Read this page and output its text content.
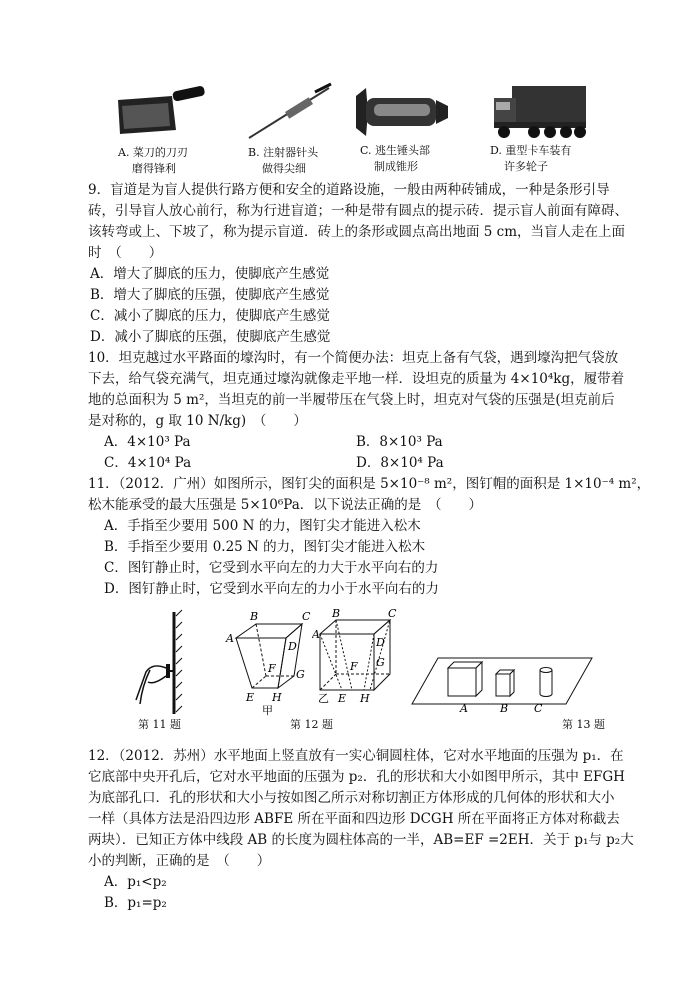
A. 菜刀的刀刃
磨得锋利
B. 注射器针头
做得尖细
C. 逃生锤头部
制成锥形
D. 重型卡车装有
许多轮子
9．盲道是为盲人提供行路方便和安全的道路设施，一般由两种砖铺成，一种是条形引导
砖，引导盲人放心前行，称为行进盲道；一种是带有圆点的提示砖．提示盲人前面有障碍、
该转弯或上、下坡了，称为提示盲道．砖上的条形或圆点高出地面 5 cm，当盲人走在上面
时　（　　）
A．增大了脚底的压力，使脚底产生感觉
B．增大了脚底的压强，使脚底产生感觉
C．减小了脚底的压力，使脚底产生感觉
D．减小了脚底的压强，使脚底产生感觉
10．坦克越过水平路面的壕沟时，有一个简便办法：坦克上备有气袋，遇到壕沟把气袋放
下去，给气袋充满气，坦克通过壕沟就像走平地一样．设坦克的质量为 4×10⁴kg，履带着
地的总面积为 5 m²，当坦克的前一半履带压在气袋上时，坦克对气袋的压强是(坦克前后
是对称的，g 取 10 N/kg)　（　　）
A．4×10³ Pa	B．8×10³ Pa
C．4×10⁴ Pa	D．8×10⁴ Pa
11．（2012．广州）如图所示，图钉尖的面积是 5×10⁻⁸ m²，图钉帽的面积是 1×10⁻⁴ m²，
松木能承受的最大压强是 5×10⁶Pa．以下说法正确的是　（　　）
A．手指至少要用 500 N 的力，图钉尖才能进入松木
B．手指至少要用 0.25 N 的力，图钉尖才能进入松木
C．图钉静止时，它受到水平向左的力大于水平向右的力
D．图钉静止时，它受到水平向左的力小于水平向右的力
第 11 题
A
B	C
D
F G
E H
甲
B	C
A
D
F G
E H
乙
第 12 题
A	B C
第 13 题
12．（2012．苏州）水平地面上竖直放有一实心铜圆柱体，它对水平地面的压强为 p₁．在
它底部中央开孔后，它对水平地面的压强为 p₂．孔的形状和大小如图甲所示，其中 EFGH
为底部孔口．孔的形状和大小与按如图乙所示对称切割正方体形成的几何体的形状和大小
一样（具体方法是沿四边形 ABFE 所在平面和四边形 DCGH 所在平面将正方体对称截去
两块）．已知正方体中线段 AB 的长度为圆柱体高的一半，AB=EF =2EH．关于 p₁与 p₂大
小的判断，正确的是　（　　）
A．p₁<p₂
B．p₁=p₂
